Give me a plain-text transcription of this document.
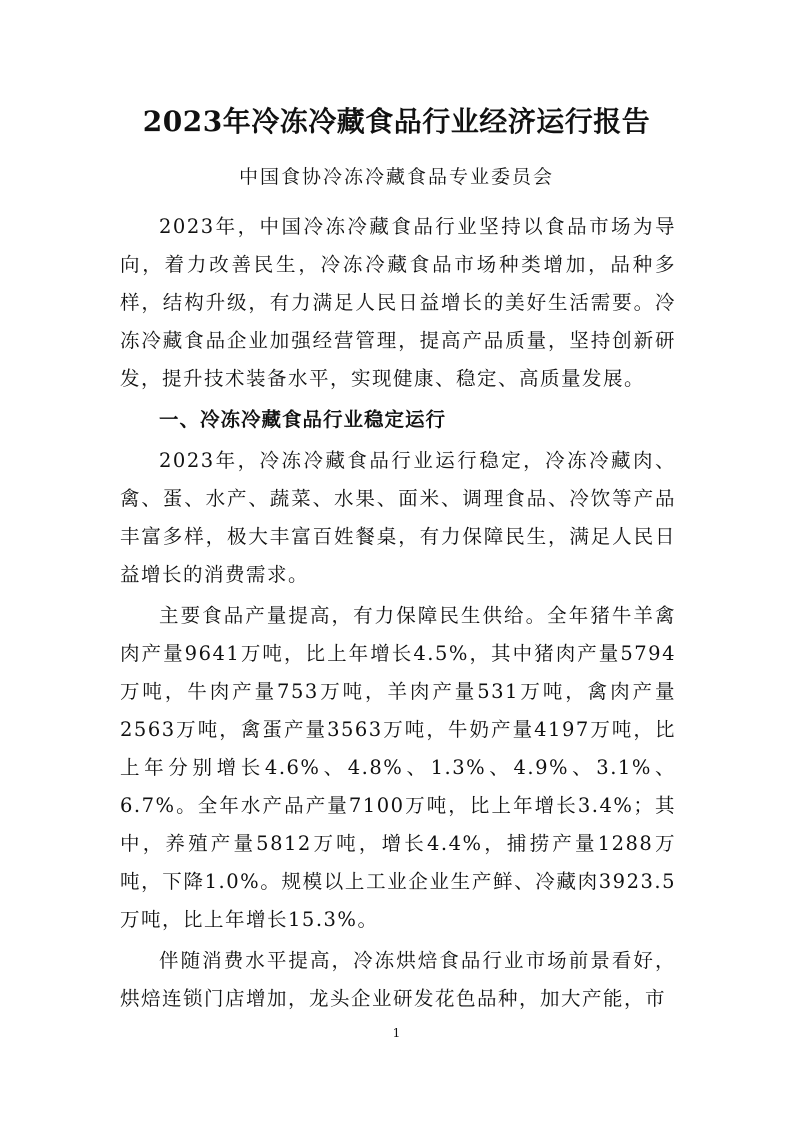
2023年冷冻冷藏食品行业经济运行报告
中国食协冷冻冷藏食品专业委员会

2023年，中国冷冻冷藏食品行业坚持以食品市场为导向，着力改善民生，冷冻冷藏食品市场种类增加，品种多样，结构升级，有力满足人民日益增长的美好生活需要。冷冻冷藏食品企业加强经营管理，提高产品质量，坚持创新研发，提升技术装备水平，实现健康、稳定、高质量发展。

一、冷冻冷藏食品行业稳定运行

2023年，冷冻冷藏食品行业运行稳定，冷冻冷藏肉、禽、蛋、水产、蔬菜、水果、面米、调理食品、冷饮等产品丰富多样，极大丰富百姓餐桌，有力保障民生，满足人民日益增长的消费需求。

主要食品产量提高，有力保障民生供给。全年猪牛羊禽肉产量9641万吨，比上年增长4.5%，其中猪肉产量5794万吨，牛肉产量753万吨，羊肉产量531万吨，禽肉产量2563万吨，禽蛋产量3563万吨，牛奶产量4197万吨，比上年分别增长4.6%、4.8%、1.3%、4.9%、3.1%、6.7%。全年水产品产量7100万吨，比上年增长3.4%；其中，养殖产量5812万吨，增长4.4%，捕捞产量1288万吨，下降1.0%。规模以上工业企业生产鲜、冷藏肉3923.5万吨，比上年增长15.3%。

伴随消费水平提高，冷冻烘焙食品行业市场前景看好，烘焙连锁门店增加，龙头企业研发花色品种，加大产能，市

1
